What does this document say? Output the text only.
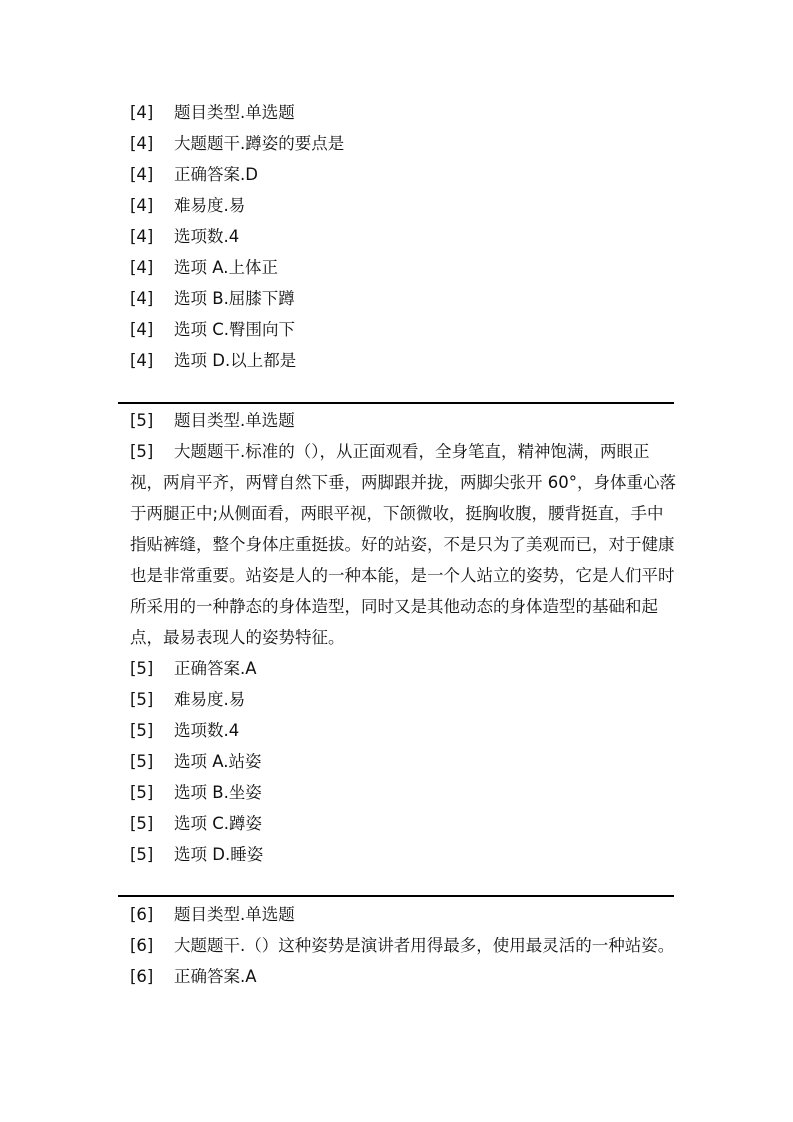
[4] 题目类型.单选题
[4] 大题题干.蹲姿的要点是
[4] 正确答案.D
[4] 难易度.易
[4] 选项数.4
[4] 选项 A.上体正
[4] 选项 B.屈膝下蹲
[4] 选项 C.臀围向下
[4] 选项 D.以上都是
[5] 题目类型.单选题
[5] 大题题干.标准的（），从正面观看，全身笔直，精神饱满，两眼正视，两肩平齐，两臂自然下垂，两脚跟并拢，两脚尖张开 60°，身体重心落于两腿正中;从侧面看，两眼平视，下颌微收，挺胸收腹，腰背挺直，手中指贴裤缝，整个身体庄重挺拔。好的站姿，不是只为了美观而已，对于健康也是非常重要。站姿是人的一种本能，是一个人站立的姿势，它是人们平时所采用的一种静态的身体造型，同时又是其他动态的身体造型的基础和起点，最易表现人的姿势特征。
[5] 正确答案.A
[5] 难易度.易
[5] 选项数.4
[5] 选项 A.站姿
[5] 选项 B.坐姿
[5] 选项 C.蹲姿
[5] 选项 D.睡姿
[6] 题目类型.单选题
[6] 大题题干.（）这种姿势是演讲者用得最多，使用最灵活的一种站姿。
[6] 正确答案.A
